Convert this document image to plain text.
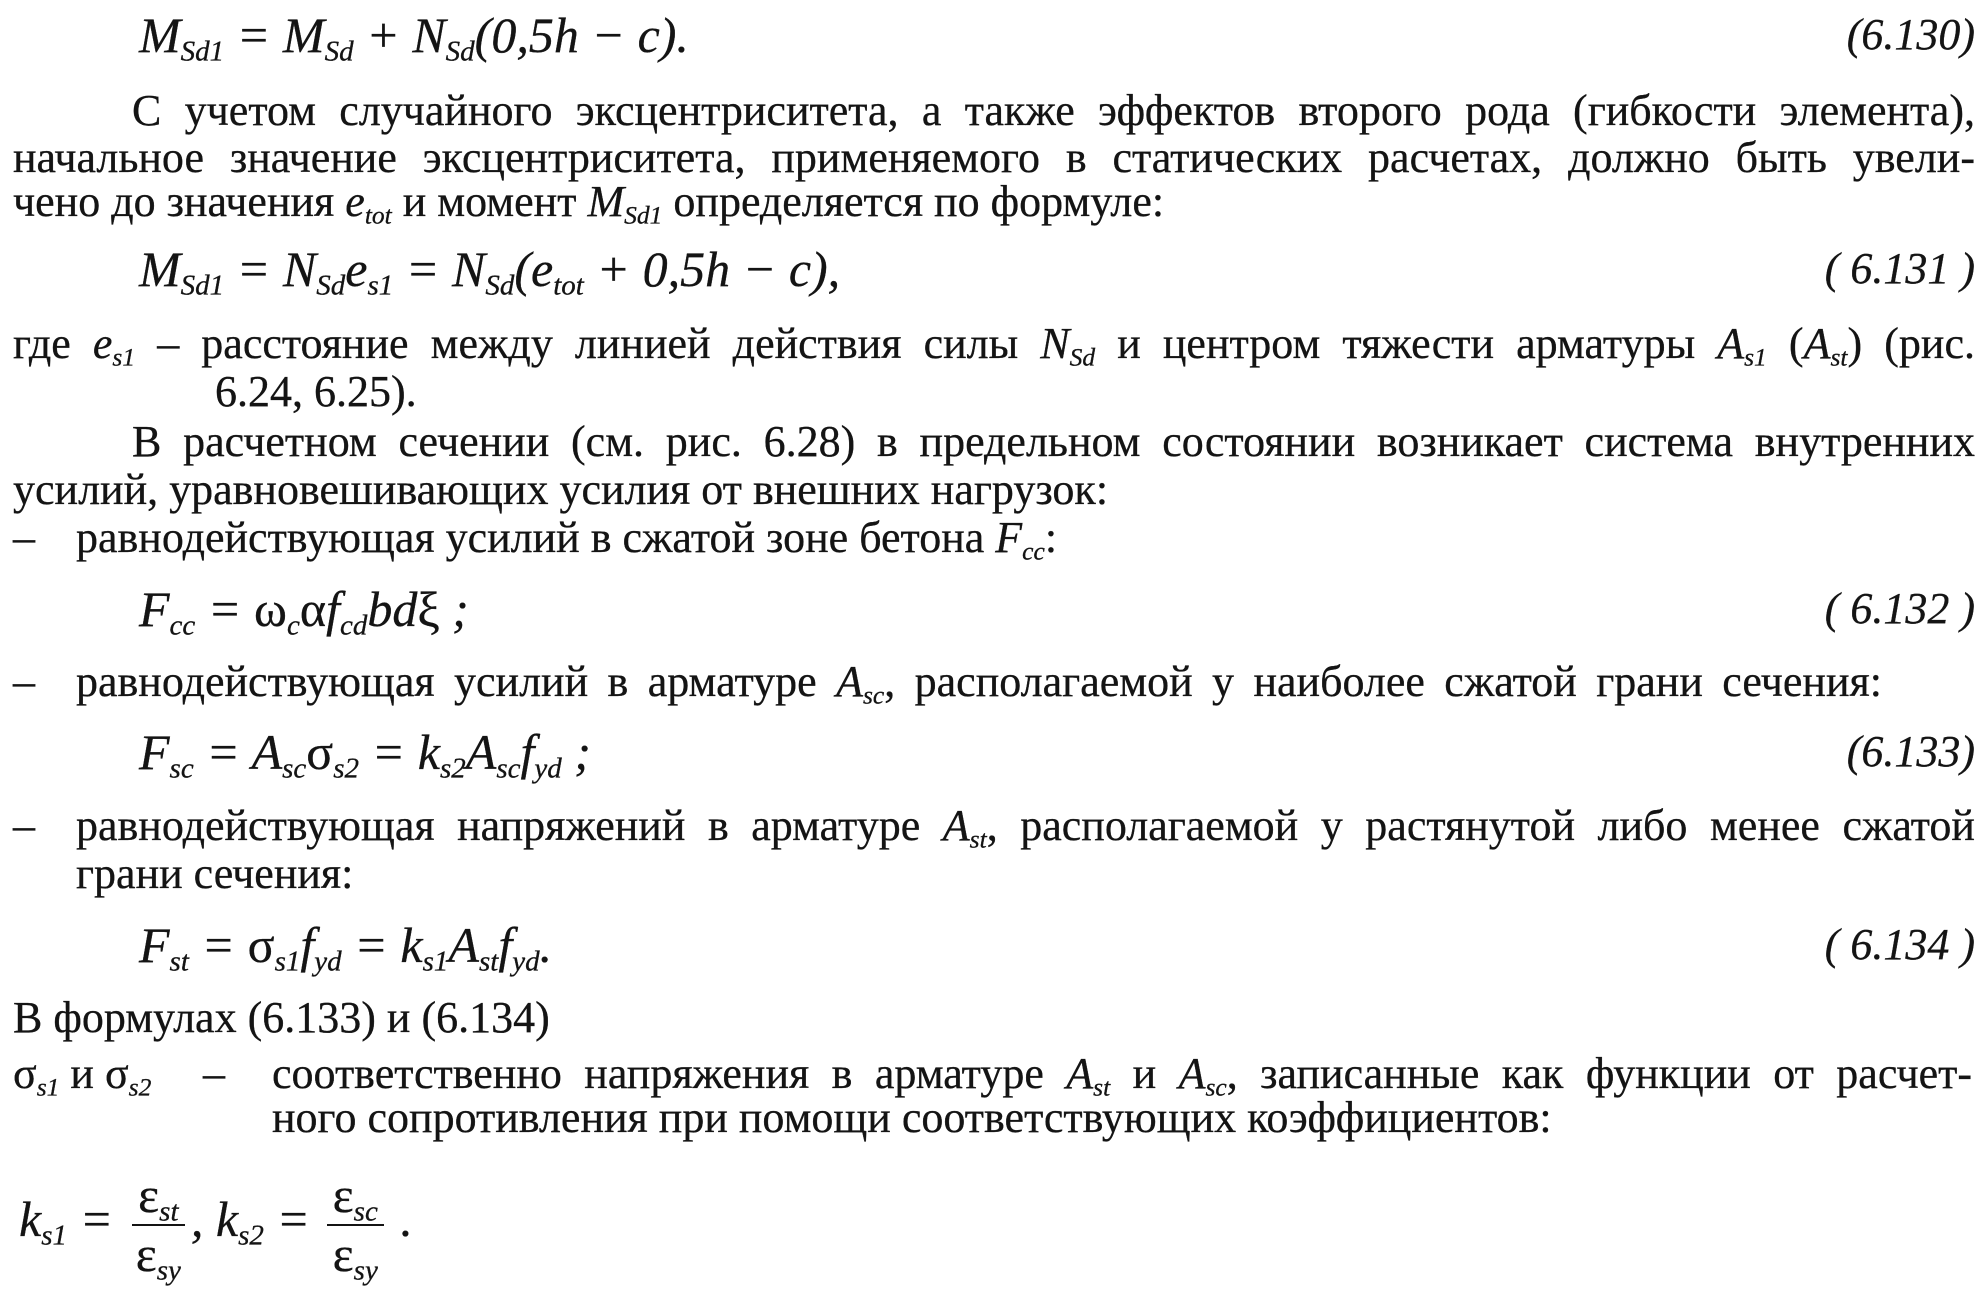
$M_{Sd1} = M_{Sd} + N_{Sd}(0,5h - c)$.	(6.130)
С учетом случайного эксцентриситета, а также эффектов второго рода (гибкости элемента),
начальное значение эксцентриситета, применяемого в статических расчетах, должно быть увели-
чено до значения $e_{tot}$ и момент $M_{Sd1}$ определяется по формуле:
$M_{Sd1} = N_{Sd}e_{s1} = N_{Sd}(e_{tot} + 0,5h - c)$,	( 6.131 )
где $e_{s1}$ – расстояние между линией действия силы $N_{Sd}$ и центром тяжести арматуры $A_{s1}$ $(A_{st})$ (рис.
6.24, 6.25).
В расчетном сечении (см. рис. 6.28) в предельном состоянии возникает система внутренних
усилий, уравновешивающих усилия от внешних нагрузок:
– равнодействующая усилий в сжатой зоне бетона $F_{cc}$:
$F_{cc} = \omega_c\alpha f_{cd}bd\xi$ ;	( 6.132 )
– равнодействующая усилий в арматуре $A_{sc}$, располагаемой у наиболее сжатой грани сечения:
$F_{sc} = A_{sc}\sigma_{s2} = k_{s2}A_{sc}f_{yd}$ ;	(6.133)
– равнодействующая напряжений в арматуре $A_{st}$, располагаемой у растянутой либо менее сжатой
грани сечения:
$F_{st} = \sigma_{s1}f_{yd} = k_{s1}A_{st}f_{yd}$.	( 6.134 )
В формулах (6.133) и (6.134)
$\sigma_{s1}$ и $\sigma_{s2}$ – соответственно напряжения в арматуре $A_{st}$ и $A_{sc}$, записанные как функции от расчет-
ного сопротивления при помощи соответствующих коэффициентов:
$k_{s1} = \frac{\varepsilon_{st}}{\varepsilon_{sy}}$ , $k_{s2} = \frac{\varepsilon_{sc}}{\varepsilon_{sy}}$ .
